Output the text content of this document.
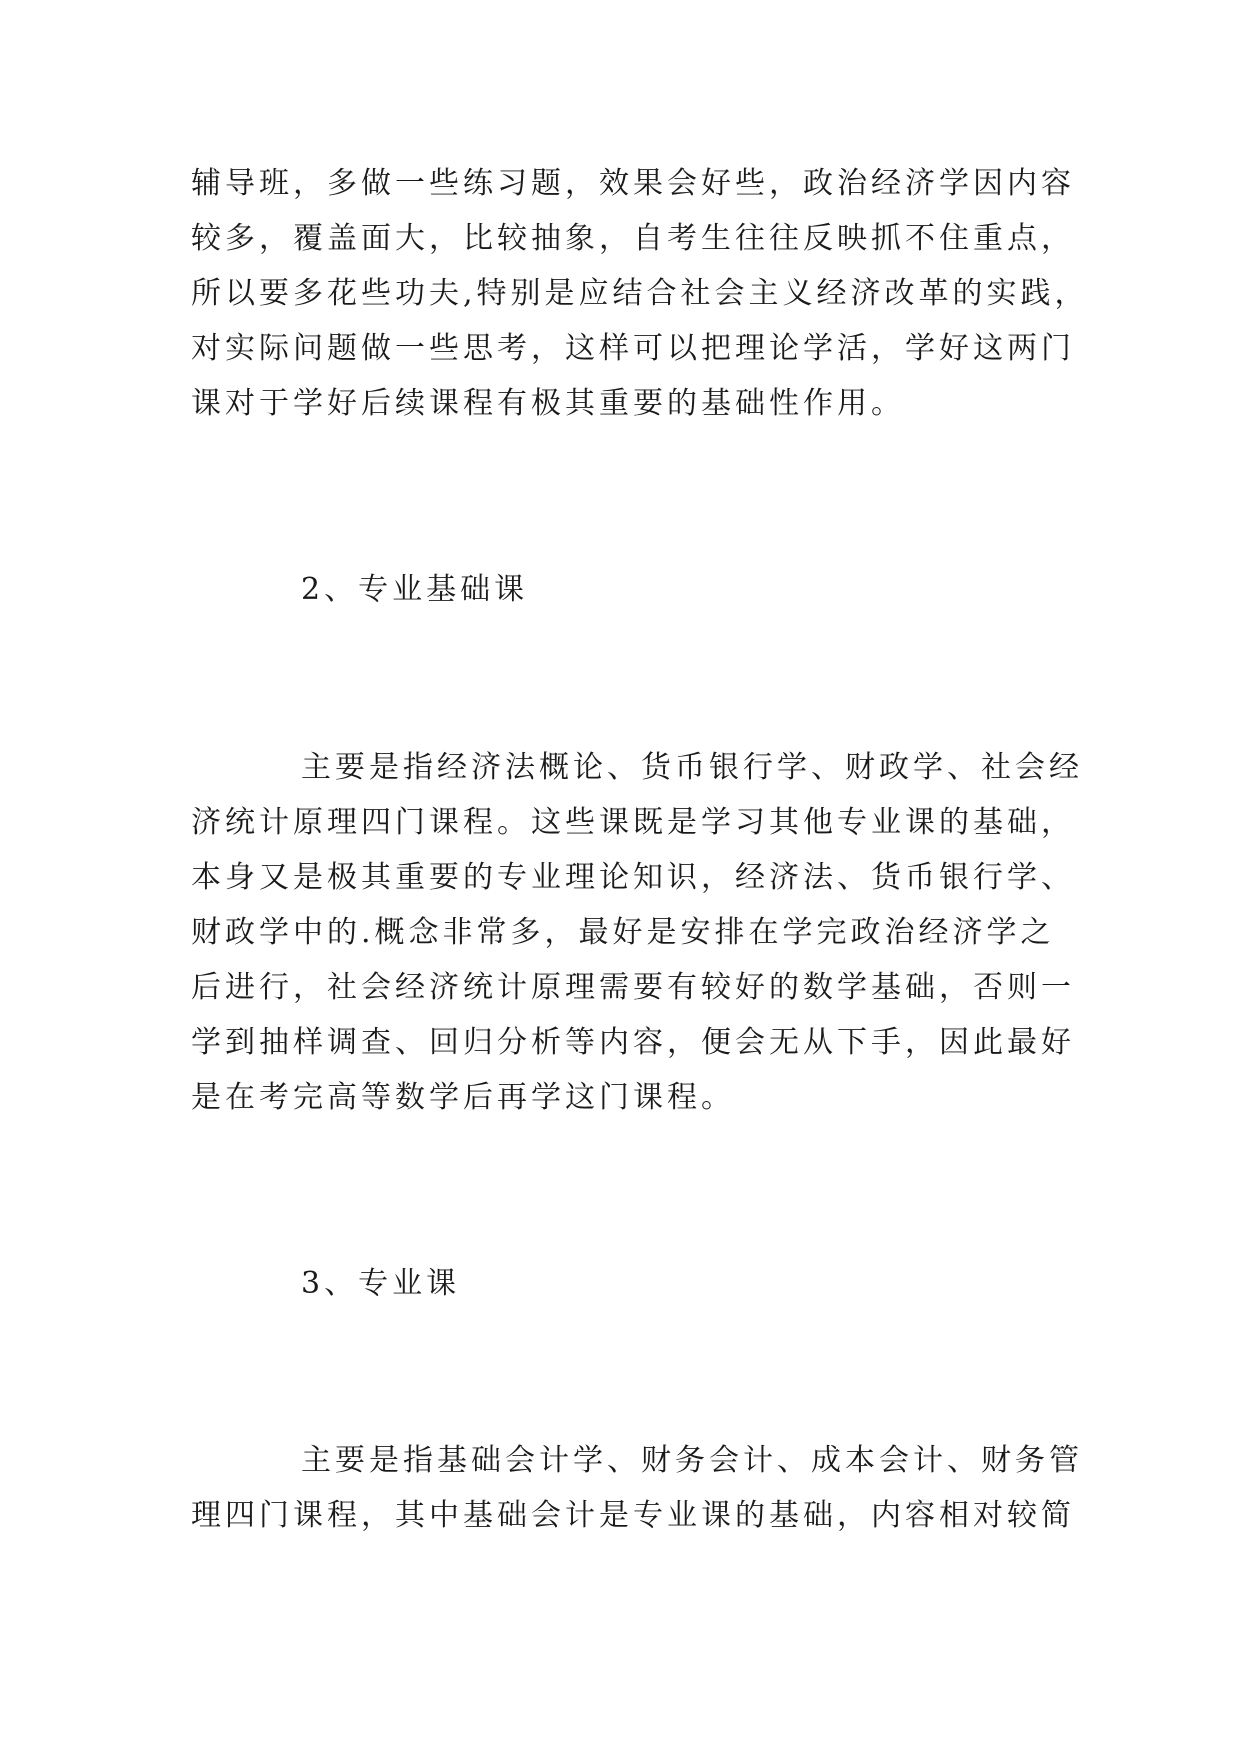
辅导班，多做一些练习题，效果会好些，政治经济学因内容
较多，覆盖面大，比较抽象，自考生往往反映抓不住重点，
所以要多花些功夫,特别是应结合社会主义经济改革的实践，
对实际问题做一些思考，这样可以把理论学活，学好这两门
课对于学好后续课程有极其重要的基础性作用。
2、专业基础课
主要是指经济法概论、货币银行学、财政学、社会经
济统计原理四门课程。这些课既是学习其他专业课的基础，
本身又是极其重要的专业理论知识，经济法、货币银行学、
财政学中的.概念非常多，最好是安排在学完政治经济学之
后进行，社会经济统计原理需要有较好的数学基础，否则一
学到抽样调查、回归分析等内容，便会无从下手，因此最好
是在考完高等数学后再学这门课程。
3、专业课
主要是指基础会计学、财务会计、成本会计、财务管
理四门课程，其中基础会计是专业课的基础，内容相对较简
